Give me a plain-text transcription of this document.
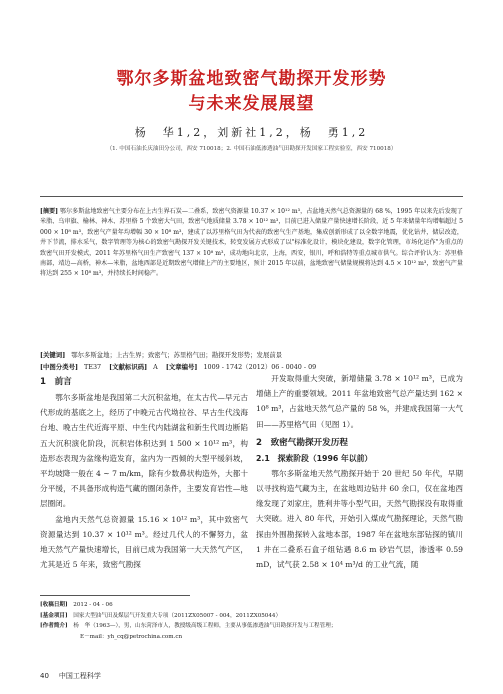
鄂尔多斯盆地致密气勘探开发形势
与未来发展展望
杨　华1,2，刘新社1,2，杨　勇1,2
（1. 中国石油长庆油田分公司，西安 710018；2. 中国石油低渗透油气田勘探开发国家工程实验室，西安 710018）
[摘要] 鄂尔多斯盆地致密气主要分布在上古生界石炭—二叠系，致密气资源量 10.37 × 10¹² m³，占盆地天然气总资源量的 68 %，1995 年以来先后发现了米脂、乌审旗、榆林、神木、苏里格 5 个致密大气田，致密气地质储量 3.78 × 10¹² m³，目前已进入储量产量快速增长阶段，近 5 年来储量年均增幅超过 5 000 × 10⁸ m³，致密气产量年均增幅 30 × 10⁸ m³，建成了以苏里格气田为代表的致密气生产基地，集成创新形成了以全数字地震，优化钻井，储层改造，井下节流，排水采气，数字管理等为核心的致密气勘探开发关键技术，转变发展方式形成了以"标准化设计，模块化建设，数字化管理，市场化运作"为重点的致密气田开发模式，2011 年苏里格气田生产致密气 137 × 10⁸ m³，成功地向北京，上海，西安，银川，呼和浩特等重点城市供气。综合评价认为：苏里格南部，靖边—高桥，神木—米脂，盆地西部是近期致密气增储上产的主要地区，预计 2015 年以前，盆地致密气储量规模将达到 4.5 × 10¹² m³，致密气产量将达到 255 × 10⁸ m³，并持续长时间稳产。
[关键词] 鄂尔多斯盆地；上古生界；致密气；苏里格气田；勘探开发形势；发展前景
[中图分类号] TE37 [文献标识码] A [文章编号] 1009 - 1742（2012）06 - 0040 - 09

1　前言

鄂尔多斯盆地是我国第二大沉积盆地，在太古代—早元古代形成的基底之上，经历了中晚元古代坳拉谷、早古生代浅海台地、晚古生代近海平原、中生代内陆湖盆和新生代周边断陷五大沉积演化阶段，沉积岩体积达到 1 500 × 10¹² m³，构造形态表现为盆缘构造发育，盆内为一西倾的大型平缓斜坡，平均坡降一般在 4 ~ 7 m/km，除有少数鼻状构造外，大都十分平缓，不具备形成构造气藏的圈闭条件，主要发育岩性—地层圈闭。

盆地内天然气总资源量 15.16 × 10¹² m³，其中致密气资源量达到 10.37 × 10¹² m³。经过几代人的不懈努力，盆地天然气产量快速增长，目前已成为我国第一大天然气产区，尤其是近 5 年来，致密气勘探

开发取得重大突破，新增储量 3.78 × 10¹² m³，已成为增储上产的重要领域。2011 年盆地致密气总产量达到 162 × 10⁸ m³，占盆地天然气总产量的 58 %，并建成我国第一大气田——苏里格气田（见图 1）。

2　致密气勘探开发历程

2.1　探索阶段（1996 年以前）

鄂尔多斯盆地天然气勘探开始于 20 世纪 50 年代，早期以寻找构造气藏为主，在盆地周边钻井 60 余口，仅在盆地西缘发现了刘家庄，胜利井等小型气田，天然气勘探没有取得重大突破。进入 80 年代，开始引入煤成气勘探理论，天然气勘探由外围勘探转入盆地本部，1987 年在盆地东部钻探的镇川 1 井在二叠系石盒子组钻遇 8.6 m 砂岩气层，渗透率 0.59 mD，试气获 2.58 × 10⁴ m³/d 的工业气流，随

[收稿日期]　 2012 - 04 - 06
[基金项目]　 国家大型油气田及煤层气开发重大专项（2011ZX05007 - 004，2011ZX05044）
[作者简介]　 杨　华（1963—），男，山东菏泽市人，教授级高级工程师，主要从事低渗透油气田勘探开发与工程管理；
E－mail：yh_cq@petrochina.com.cn
40 中国工程科学
